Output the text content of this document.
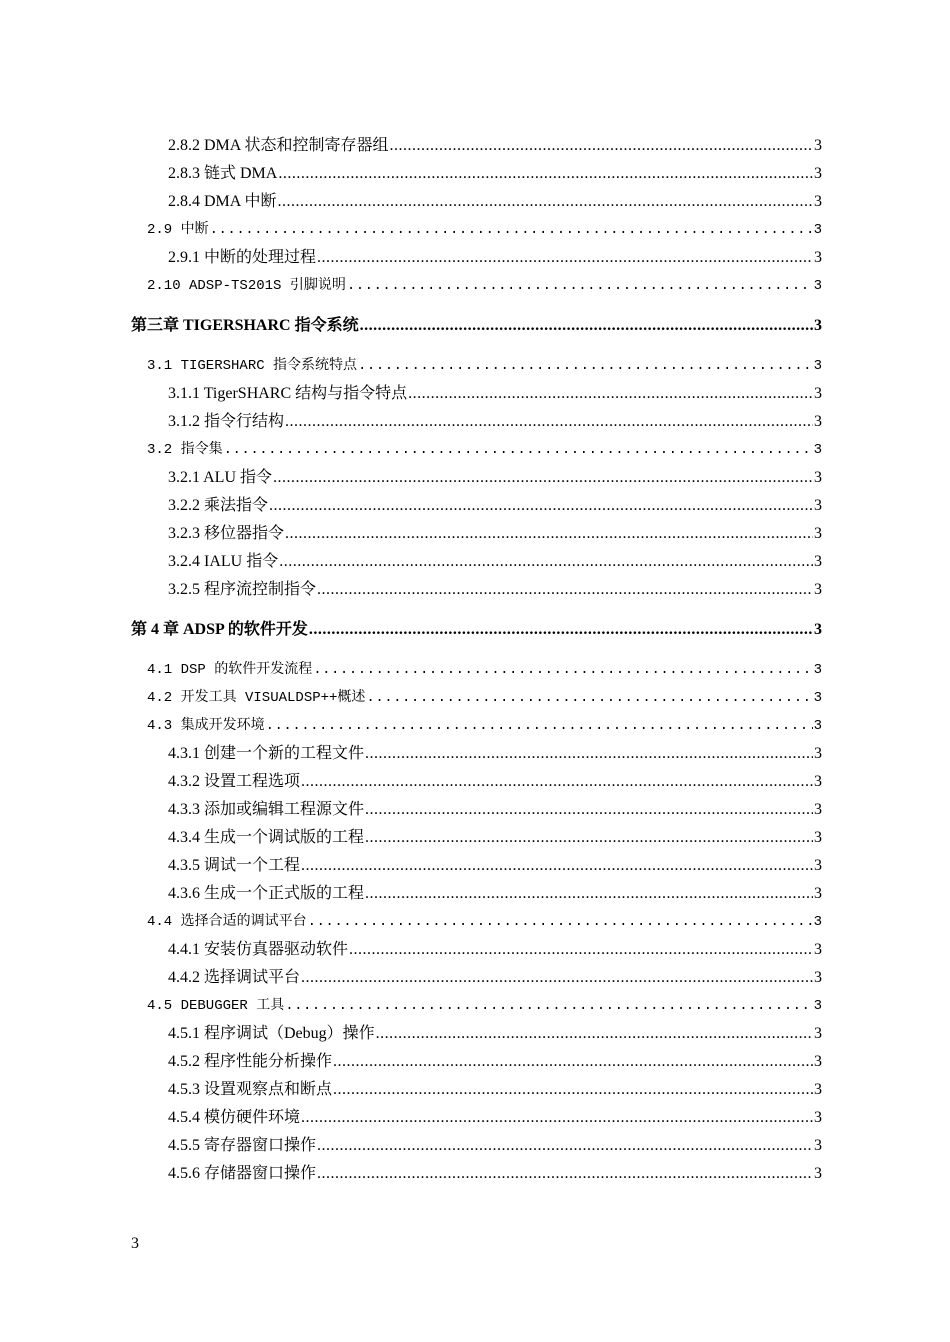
2.8.2 DMA 状态和控制寄存器组 .....	3
2.8.3 链式 DMA .....	3
2.8.4 DMA 中断 .....	3
2.9 中断 .....	3
2.9.1 中断的处理过程 .....	3
2.10 ADSP-TS201S 引脚说明 .....	3
第三章 TIGERSHARC 指令系统 .....	3
3.1 TIGERSHARC 指令系统特点 .....	3
3.1.1 TigerSHARC 结构与指令特点 .....	3
3.1.2 指令行结构 .....	3
3.2 指令集 .....	3
3.2.1 ALU 指令 .....	3
3.2.2 乘法指令 .....	3
3.2.3 移位器指令 .....	3
3.2.4 IALU 指令 .....	3
3.2.5 程序流控制指令 .....	3
第 4 章 ADSP 的软件开发 .....	3
4.1 DSP 的软件开发流程 .....	3
4.2 开发工具 VISUALDSP++概述 .....	3
4.3 集成开发环境 .....	3
4.3.1 创建一个新的工程文件 .....	3
4.3.2 设置工程选项 .....	3
4.3.3 添加或编辑工程源文件 .....	3
4.3.4 生成一个调试版的工程 .....	3
4.3.5 调试一个工程 .....	3
4.3.6 生成一个正式版的工程 .....	3
4.4 选择合适的调试平台 .....	3
4.4.1 安装仿真器驱动软件 .....	3
4.4.2 选择调试平台 .....	3
4.5 DEBUGGER 工具 .....	3
4.5.1 程序调试（Debug）操作 .....	3
4.5.2 程序性能分析操作 .....	3
4.5.3 设置观察点和断点 .....	3
4.5.4 模仿硬件环境 .....	3
4.5.5 寄存器窗口操作 .....	3
4.5.6 存储器窗口操作 .....	3
3
